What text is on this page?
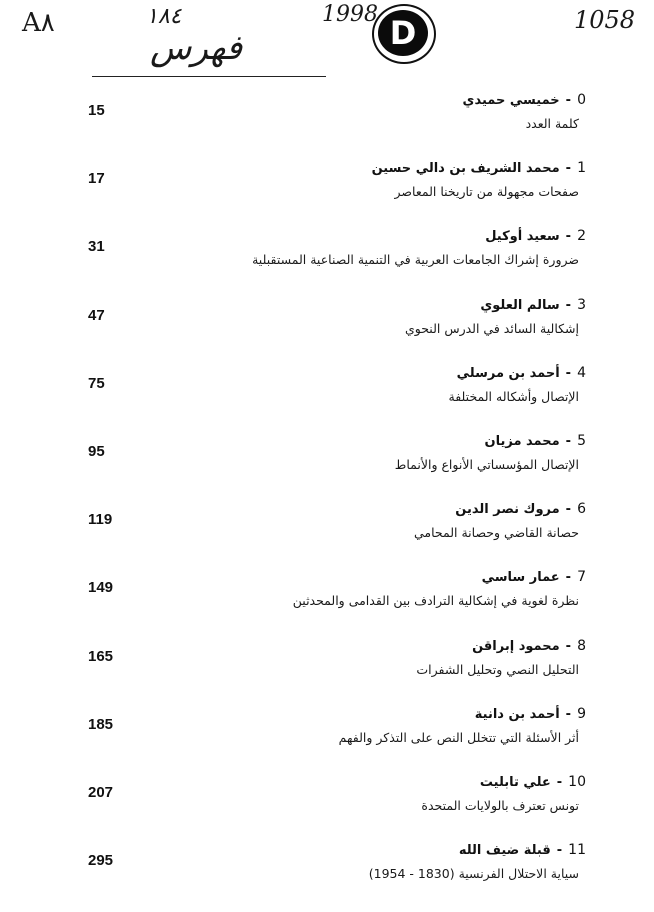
A٨	١٨٤
فهرس
1998 D	1058
0-خميسي حميدي
كلمة العدد
15
1-محمد الشريف بن دالي حسين
صفحات مجهولة من تاريخنا المعاصر
17
2-سعيد أوكيل
ضرورة إشراك الجامعات العربية في التنمية الصناعية المستقبلية
31
3-سالم العلوي
إشكالية السائد في الدرس النحوي
47
4-أحمد بن مرسلي
الإتصال وأشكاله المختلفة
75
5-محمد مزيان
الإتصال المؤسساتي الأنواع والأنماط
95
6-مروك نصر الدين
حصانة القاضي وحصانة المحامي
119
7-عمار ساسي
نظرة لغوية في إشكالية الترادف بين القدامى والمحدثين
149
8-محمود إبراقن
التحليل النصي وتحليل الشفرات
165
9-أحمد بن دانية
أثر الأسئلة التي تتخلل النص على التذكر والفهم
185
10-علي تابليت
تونس تعترف بالولايات المتحدة
207
11-قبلة ضيف الله
سياية الاحتلال الفرنسية (1830 - 1954)
295
